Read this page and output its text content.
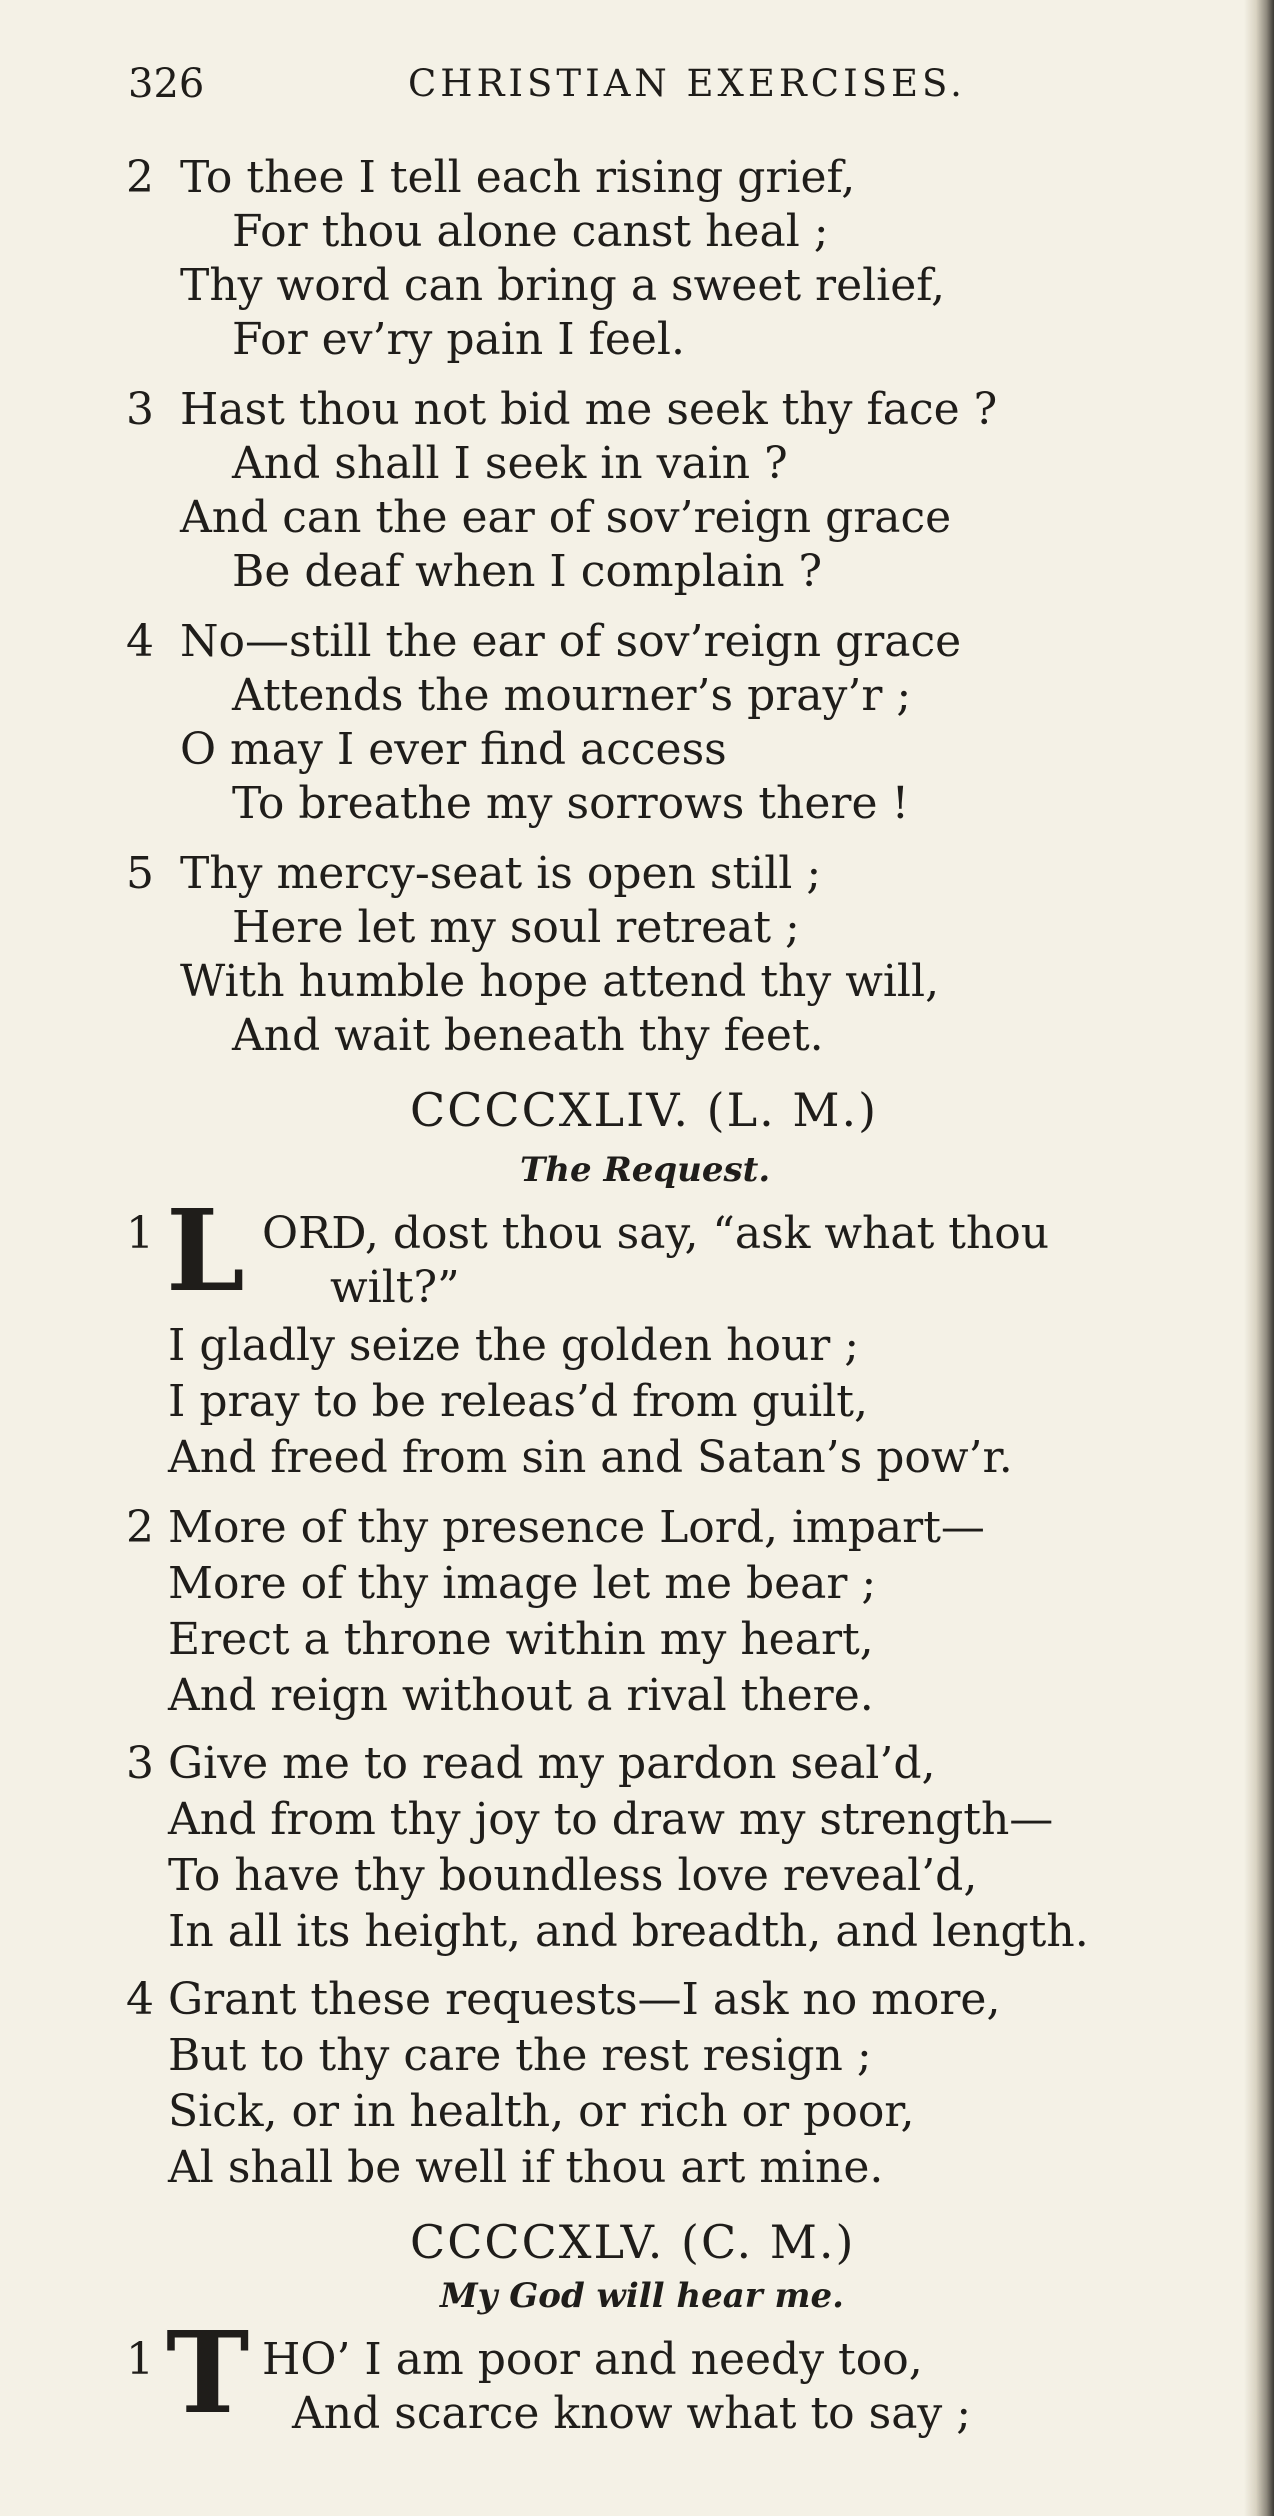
326	CHRISTIAN EXERCISES.
2 To thee I tell each rising grief,
For thou alone canst heal ;
Thy word can bring a sweet relief,
For ev’ry pain I feel.
3 Hast thou not bid me seek thy face ?
And shall I seek in vain ?
And can the ear of sov’reign grace
Be deaf when I complain ?
4 No—still the ear of sov’reign grace
Attends the mourner’s pray’r ;
O may I ever find access
To breathe my sorrows there !
5 Thy mercy-seat is open still ;
Here let my soul retreat ;
With humble hope attend thy will,
And wait beneath thy feet.
CCCCXLIV. (L. M.)
The Request.
1 L ORD, dost thou say, “ask what thou
wilt?”
I gladly seize the golden hour ;
I pray to be releas’d from guilt,
And freed from sin and Satan’s pow’r.
2 More of thy presence Lord, impart—
More of thy image let me bear ;
Erect a throne within my heart,
And reign without a rival there.
3 Give me to read my pardon seal’d,
And from thy joy to draw my strength—
To have thy boundless love reveal’d,
In all its height, and breadth, and length.
4 Grant these requests—I ask no more,
But to thy care the rest resign ;
Sick, or in health, or rich or poor,
Al shall be well if thou art mine.
CCCCXLV. (C. M.)
My God will hear me.
1 T HO’ I am poor and needy too,
And scarce know what to say ;
